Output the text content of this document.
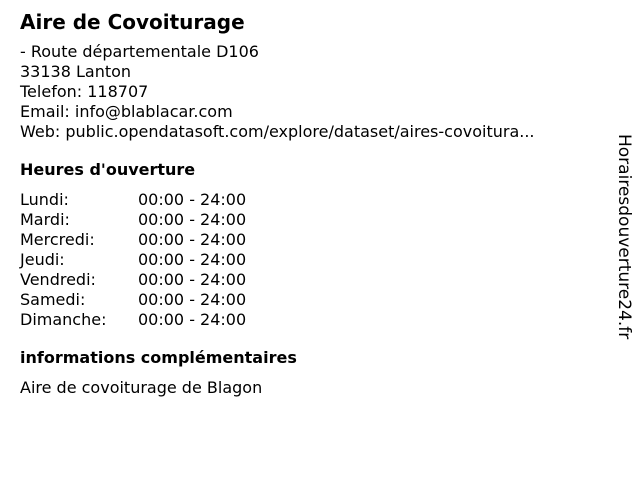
Aire de Covoiturage
- Route départementale D106
33138 Lanton
Telefon: 118707
Email: info@blablacar.com
Web: public.opendatasoft.com/explore/dataset/aires-covoitura...
Heures d'ouverture
Lundi:	00:00 - 24:00
Mardi:	00:00 - 24:00
Mercredi:	00:00 - 24:00
Jeudi:	00:00 - 24:00
Vendredi:	00:00 - 24:00
Samedi:	00:00 - 24:00
Dimanche:	00:00 - 24:00
informations complémentaires
Aire de covoiturage de Blagon
Horairesdouverture24.fr
